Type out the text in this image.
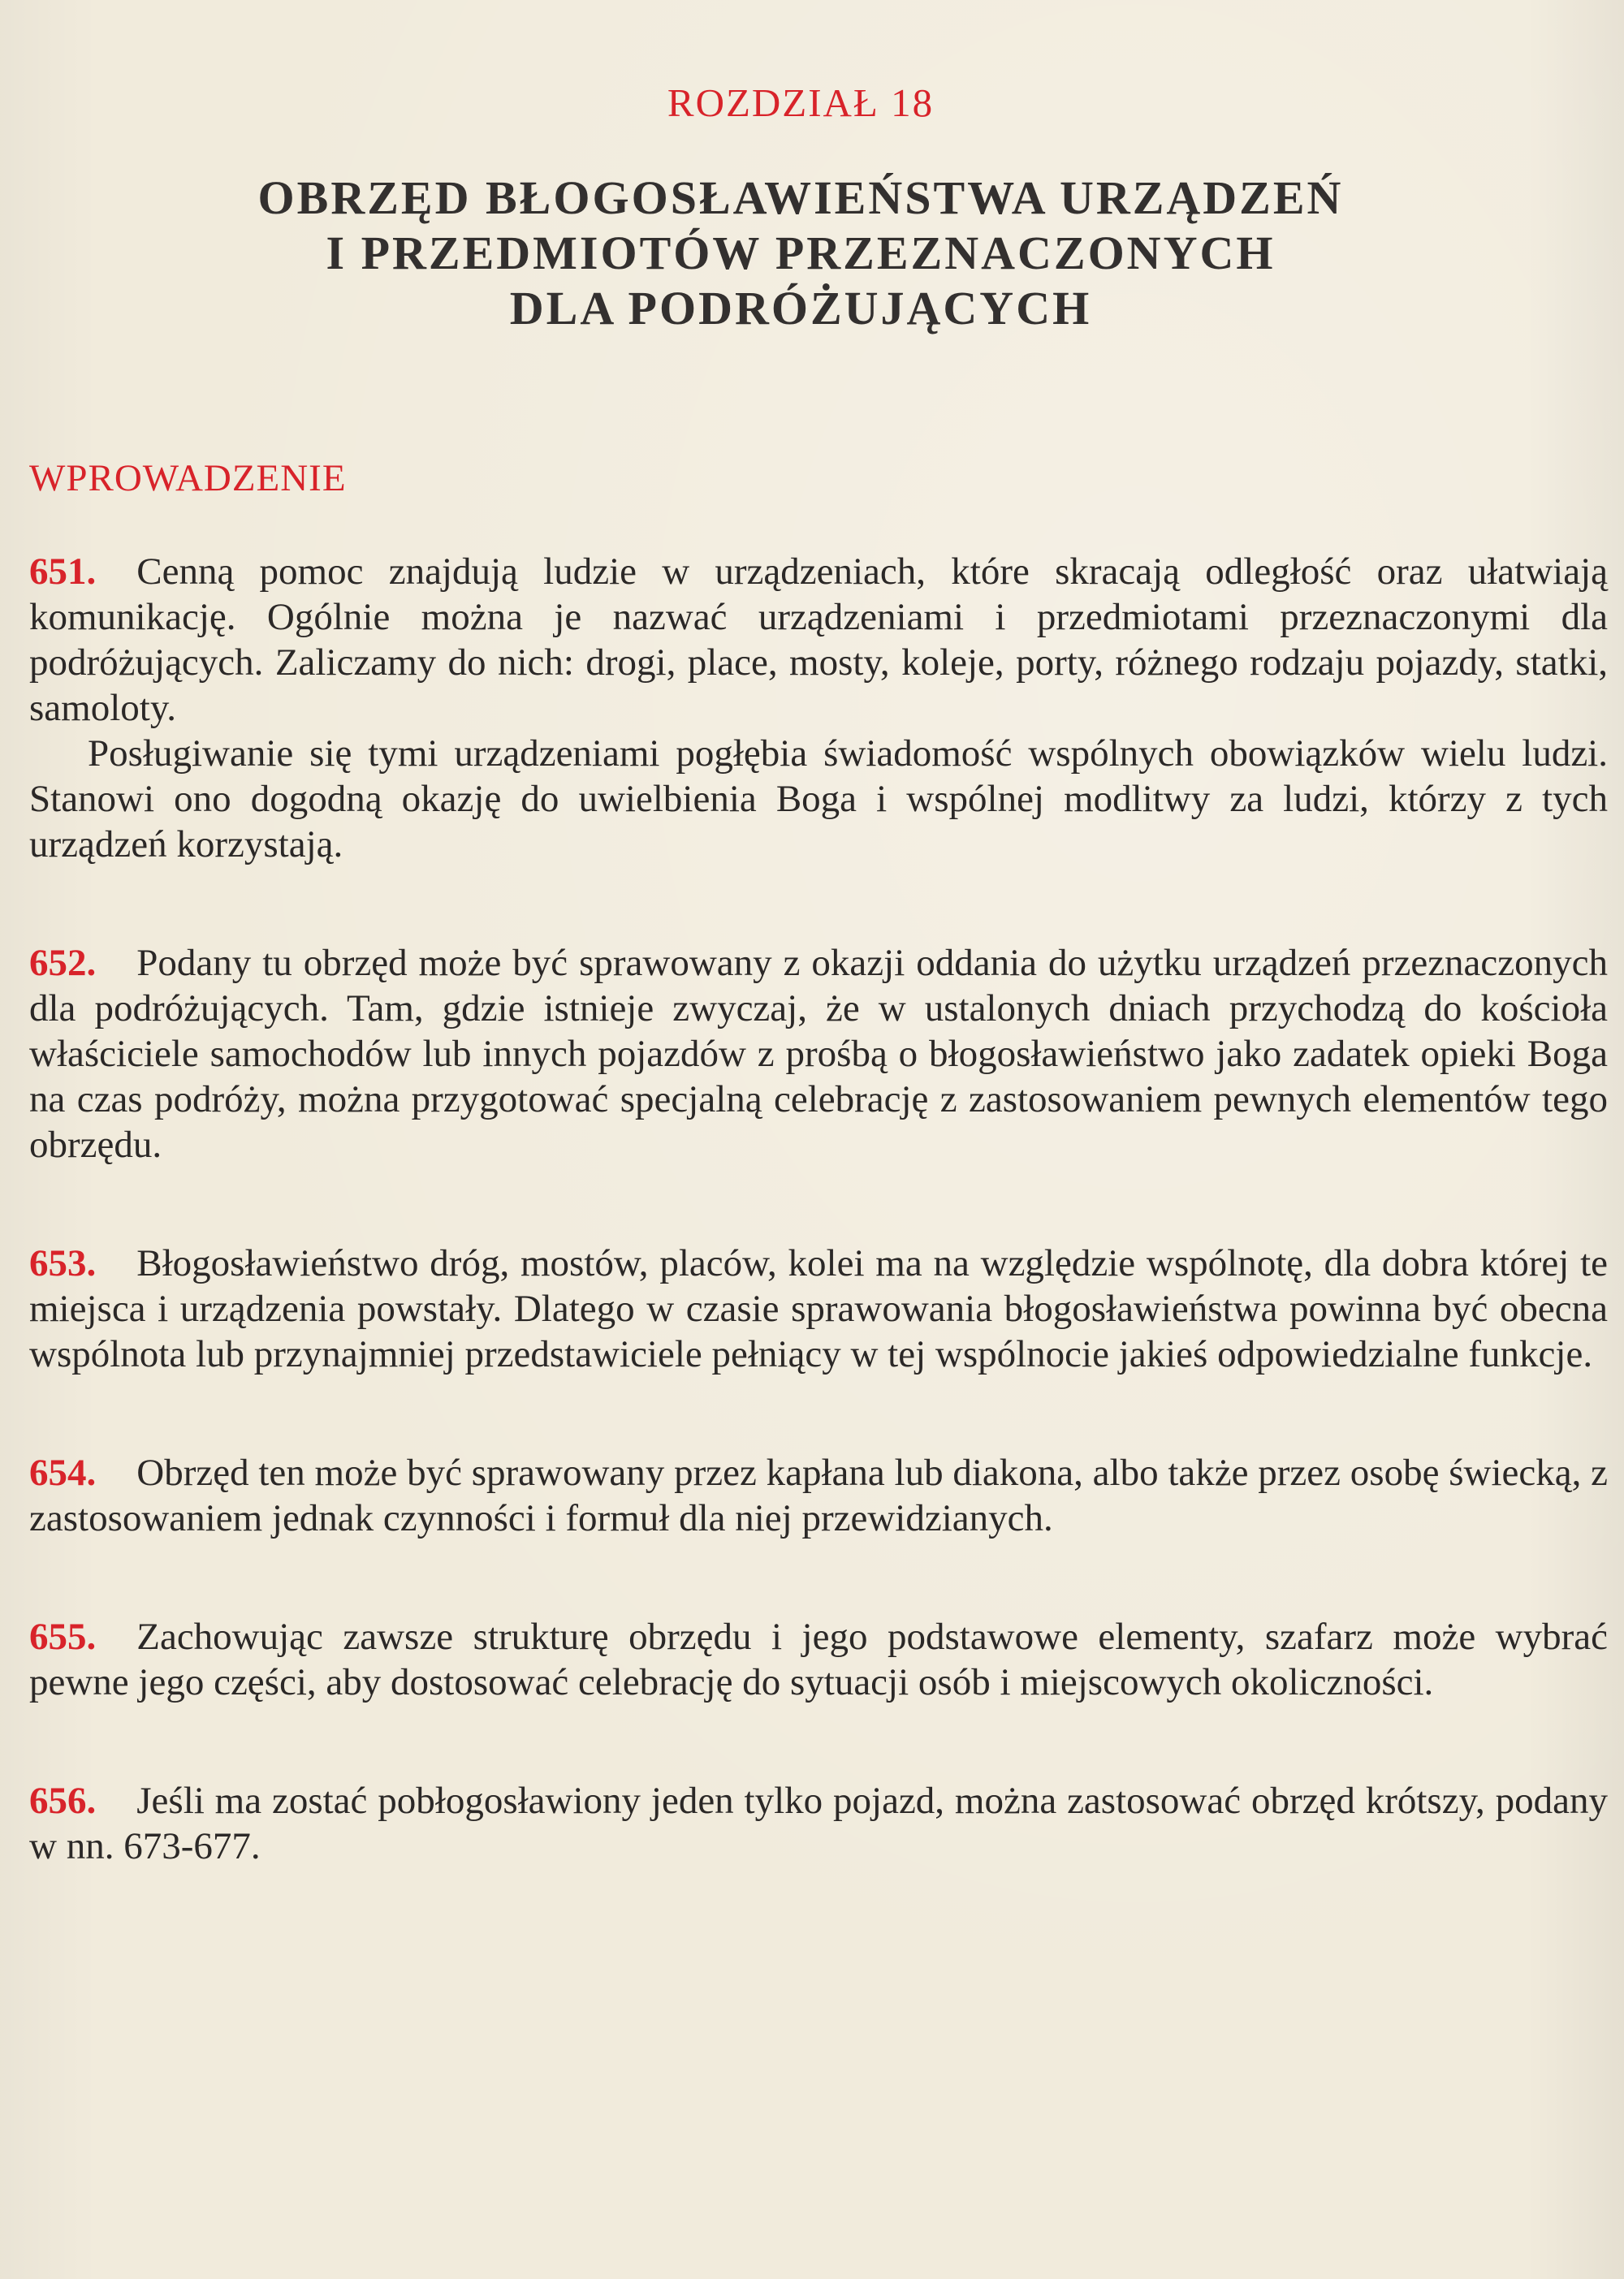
ROZDZIAŁ 18
OBRZĘD BŁOGOSŁAWIEŃSTWA URZĄDZEŃ
I PRZEDMIOTÓW PRZEZNACZONYCH
DLA PODRÓŻUJĄCYCH
WPROWADZENIE

651. Cenną pomoc znajdują ludzie w urządzeniach, które skracają odległość oraz ułatwiają komunikację. Ogólnie można je nazwać urządzeniami i przedmiotami przeznaczonymi dla podróżujących. Zaliczamy do nich: drogi, place, mosty, koleje, porty, różnego rodzaju pojazdy, statki, samoloty.

Posługiwanie się tymi urządzeniami pogłębia świadomość wspólnych obowiązków wielu ludzi. Stanowi ono dogodną okazję do uwielbienia Boga i wspólnej modlitwy za ludzi, którzy z tych urządzeń korzystają.

652. Podany tu obrzęd może być sprawowany z okazji oddania do użytku urządzeń przeznaczonych dla podróżujących. Tam, gdzie istnieje zwyczaj, że w ustalonych dniach przychodzą do kościoła właściciele samochodów lub innych pojazdów z prośbą o błogosławieństwo jako zadatek opieki Boga na czas podróży, można przygotować specjalną celebrację z zastosowaniem pewnych elementów tego obrzędu.

653. Błogosławieństwo dróg, mostów, placów, kolei ma na względzie wspólnotę, dla dobra której te miejsca i urządzenia powstały. Dlatego w czasie sprawowania błogosławieństwa powinna być obecna wspólnota lub przynajmniej przedstawiciele pełniący w tej wspólnocie jakieś odpowiedzialne funkcje.

654. Obrzęd ten może być sprawowany przez kapłana lub diakona, albo także przez osobę świecką, z zastosowaniem jednak czynności i formuł dla niej przewidzianych.

655. Zachowując zawsze strukturę obrzędu i jego podstawowe elementy, szafarz może wybrać pewne jego części, aby dostosować celebrację do sytuacji osób i miejscowych okoliczności.

656. Jeśli ma zostać pobłogosławiony jeden tylko pojazd, można zastosować obrzęd krótszy, podany w nn. 673-677.
